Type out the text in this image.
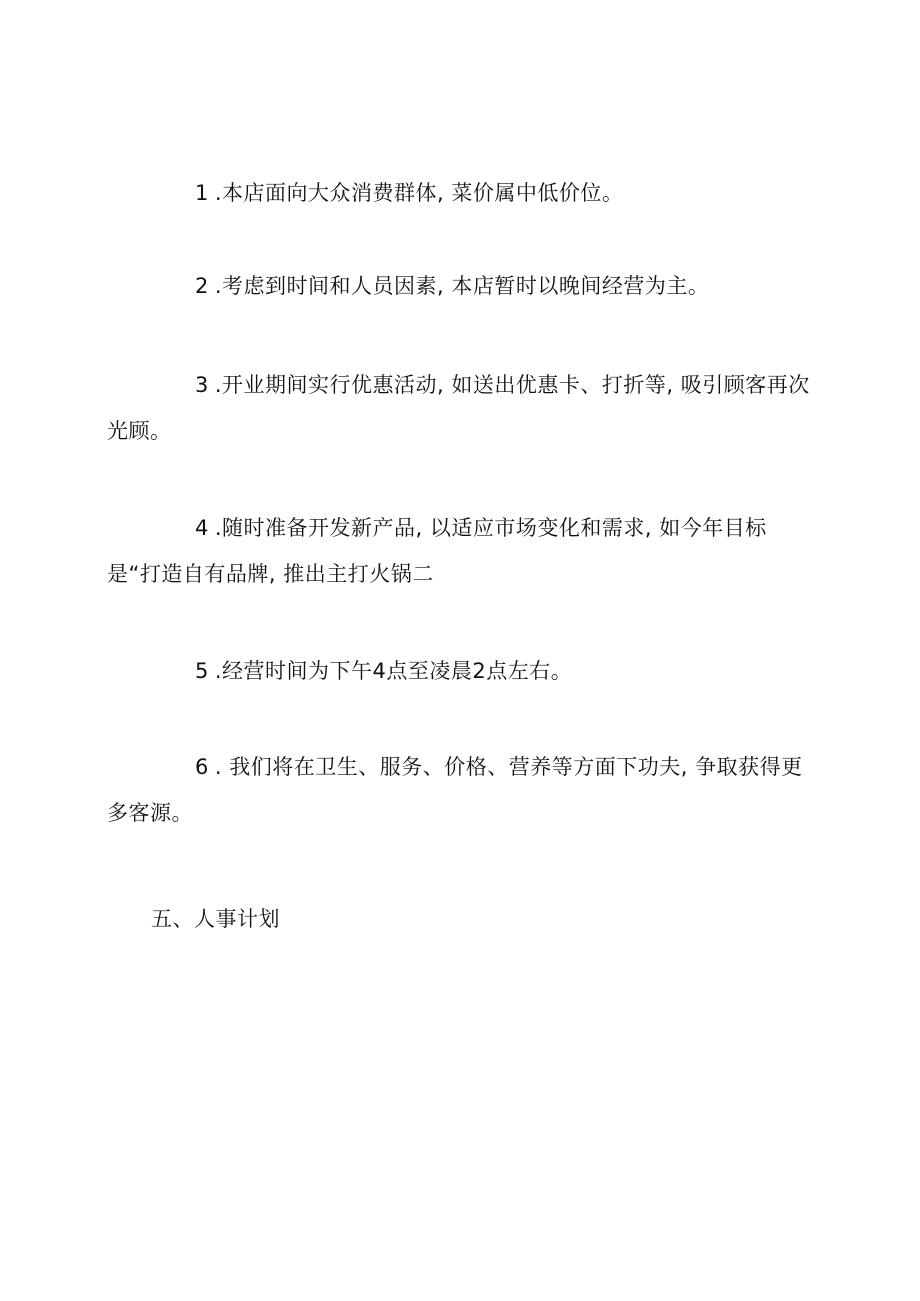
1 .本店面向大众消费群体, 菜价属中低价位。

2 .考虑到时间和人员因素, 本店暂时以晚间经营为主。

3 .开业期间实行优惠活动, 如送出优惠卡、打折等, 吸引顾客再次光顾。

4 .随时准备开发新产品, 以适应市场变化和需求, 如今年目标是“打造自有品牌, 推出主打火锅二

5 .经营时间为下午4点至凌晨2点左右。

6 . 我们将在卫生、服务、价格、营养等方面下功夫, 争取获得更多客源。

五、人事计划
